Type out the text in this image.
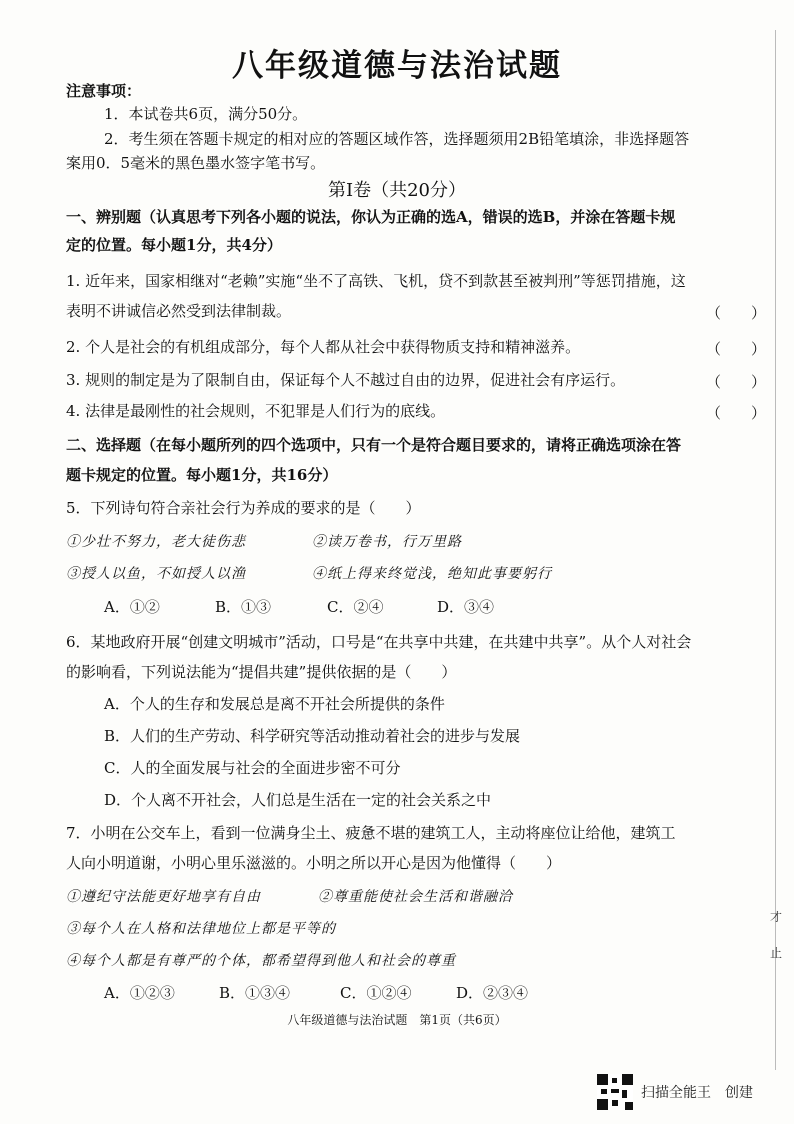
八年级道德与法治试题
注意事项：
1．本试卷共6页，满分50分。
2．考生须在答题卡规定的相对应的答题区域作答，选择题须用2B铅笔填涂，非选择题答
案用0．5毫米的黑色墨水签字笔书写。
第Ⅰ卷（共20分）
一、辨别题（认真思考下列各小题的说法，你认为正确的选A，错误的选B，并涂在答题卡规
定的位置。每小题1分，共4分）
1. 近年来，国家相继对“老赖”实施“坐不了高铁、飞机，贷不到款甚至被判刑”等惩罚措施，这
表明不讲诚信必然受到法律制裁。	（　　）
2. 个人是社会的有机组成部分，每个人都从社会中获得物质支持和精神滋养。	（　　）
3. 规则的制定是为了限制自由，保证每个人不越过自由的边界，促进社会有序运行。	（　　）
4. 法律是最刚性的社会规则，不犯罪是人们行为的底线。	（　　）
二、选择题（在每小题所列的四个选项中，只有一个是符合题目要求的，请将正确选项涂在答
题卡规定的位置。每小题1分，共16分）
5．下列诗句符合亲社会行为养成的要求的是（　　）
①少壮不努力，老大徒伤悲	②读万卷书，行万里路
③授人以鱼，不如授人以渔	④纸上得来终觉浅，绝知此事要躬行
A．①②	B．①③	C．②④	D．③④
6．某地政府开展“创建文明城市”活动，口号是“在共享中共建，在共建中共享”。从个人对社会
的影响看，下列说法能为“提倡共建”提供依据的是（　　）
A．个人的生存和发展总是离不开社会所提供的条件
B．人们的生产劳动、科学研究等活动推动着社会的进步与发展
C．人的全面发展与社会的全面进步密不可分
D．个人离不开社会，人们总是生活在一定的社会关系之中
7．小明在公交车上，看到一位满身尘土、疲惫不堪的建筑工人，主动将座位让给他，建筑工
人向小明道谢，小明心里乐滋滋的。小明之所以开心是因为他懂得（　　）
①遵纪守法能更好地享有自由	②尊重能使社会生活和谐融洽
③每个人在人格和法律地位上都是平等的
④每个人都是有尊严的个体，都希望得到他人和社会的尊重
A．①②③	B．①③④	C．①②④	D．②③④
才
止
八年级道德与法治试题　第1页（共6页）
扫描全能王　创建
